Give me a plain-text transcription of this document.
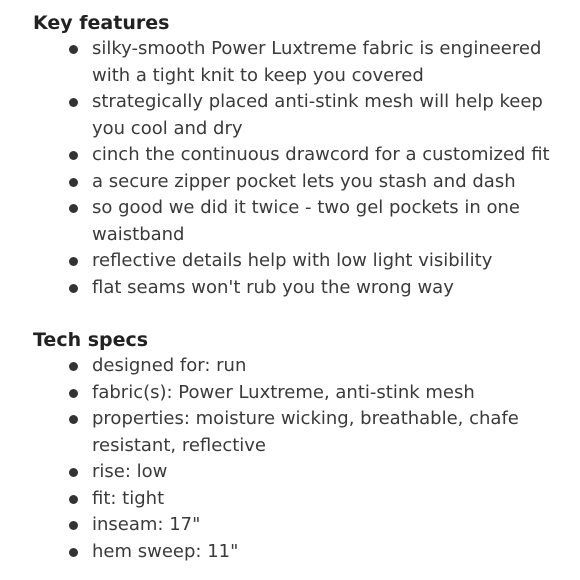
Key features
silky-smooth Power Luxtreme fabric is engineered with a tight knit to keep you covered
strategically placed anti-stink mesh will help keep you cool and dry
cinch the continuous drawcord for a customized fit
a secure zipper pocket lets you stash and dash
so good we did it twice - two gel pockets in one waistband
reflective details help with low light visibility
flat seams won't rub you the wrong way
Tech specs
designed for: run
fabric(s): Power Luxtreme, anti-stink mesh
properties: moisture wicking, breathable, chafe resistant, reflective
rise: low
fit: tight
inseam: 17"
hem sweep: 11"
